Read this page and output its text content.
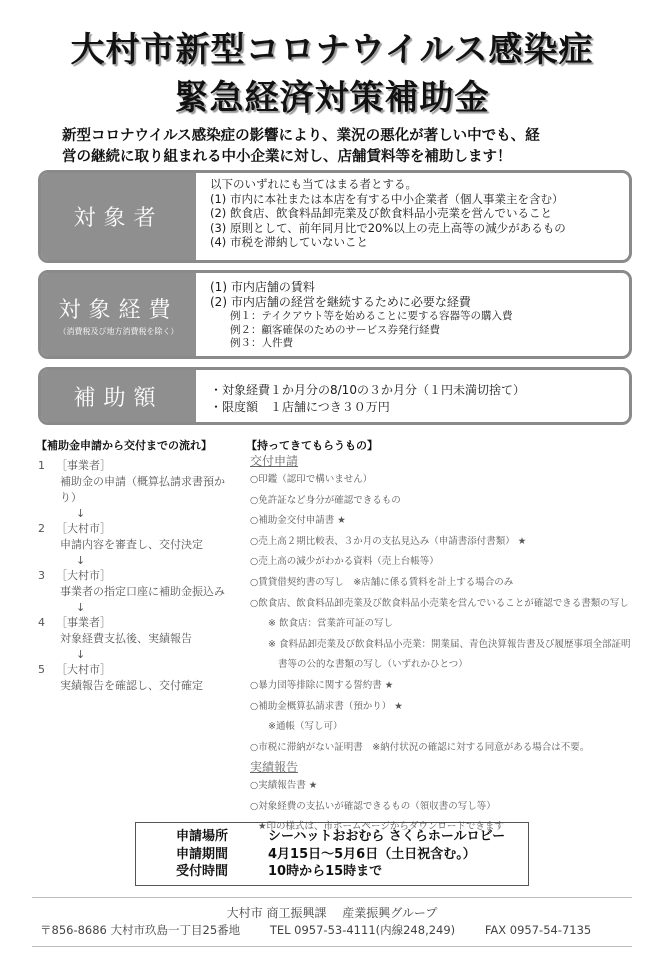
大村市新型コロナウイルス感染症
緊急経済対策補助金
新型コロナウイルス感染症の影響により、業況の悪化が著しい中でも、経
営の継続に取り組まれる中小企業に対し、店舗賃料等を補助します！
対象者
以下のいずれにも当てはまる者とする。
(1) 市内に本社または本店を有する中小企業者（個人事業主を含む）
(2) 飲食店、飲食料品卸売業及び飲食料品小売業を営んでいること
(3) 原則として、前年同月比で20%以上の売上高等の減少があるもの
(4) 市税を滞納していないこと
対象経費
（消費税及び地方消費税を除く）
(1) 市内店舗の賃料
(2) 市内店舗の経営を継続するために必要な経費
例１：テイクアウト等を始めることに要する容器等の購入費
例２：顧客確保のためのサービス券発行経費
例３：人件費
補助額	・対象経費１か月分の8/10の３か月分（１円未満切捨て）
・限度額　１店舗につき３０万円
【補助金申請から交付までの流れ】
1 ［事業者］
補助金の申請（概算払請求書預かり）
↓
2 ［大村市］
申請内容を審査し、交付決定
↓
3 ［大村市］
事業者の指定口座に補助金振込み
↓
4 ［事業者］
対象経費支払後、実績報告
↓
5 ［大村市］
実績報告を確認し、交付確定
【持ってきてもらうもの】
交付申請
○印鑑（認印で構いません）
○免許証など身分が確認できるもの
○補助金交付申請書 ★
○売上高２期比較表、３か月の支払見込み（申請書添付書類） ★
○売上高の減少がわかる資料（売上台帳等）
○賃貸借契約書の写し　※店舗に係る賃料を計上する場合のみ
○飲食店、飲食料品卸売業及び飲食料品小売業を営んでいることが確認できる書類の写し
※ 飲食店：営業許可証の写し
※ 食料品卸売業及び飲食料品小売業：開業届、青色決算報告書及び履歴事項全部証明
書等の公的な書類の写し（いずれかひとつ）
○暴力団等排除に関する誓約書 ★
○補助金概算払請求書（預かり） ★
※通帳（写し可）
○市税に滞納がない証明書　※納付状況の確認に対する同意がある場合は不要。
実績報告
○実績報告書 ★
○対象経費の支払いが確認できるもの（領収書の写し等）
★印の様式は、市ホームページからダウンロードできます
申請場所	シーハットおおむら さくらホールロビー
申請期間	4月15日～5月6日（土日祝含む。）
受付時間	10時から15時まで
大村市 商工振興課　 産業振興グループ
〒856-8686 大村市玖島一丁目25番地	TEL 0957-53-4111(内線248,249)	FAX 0957-54-7135
